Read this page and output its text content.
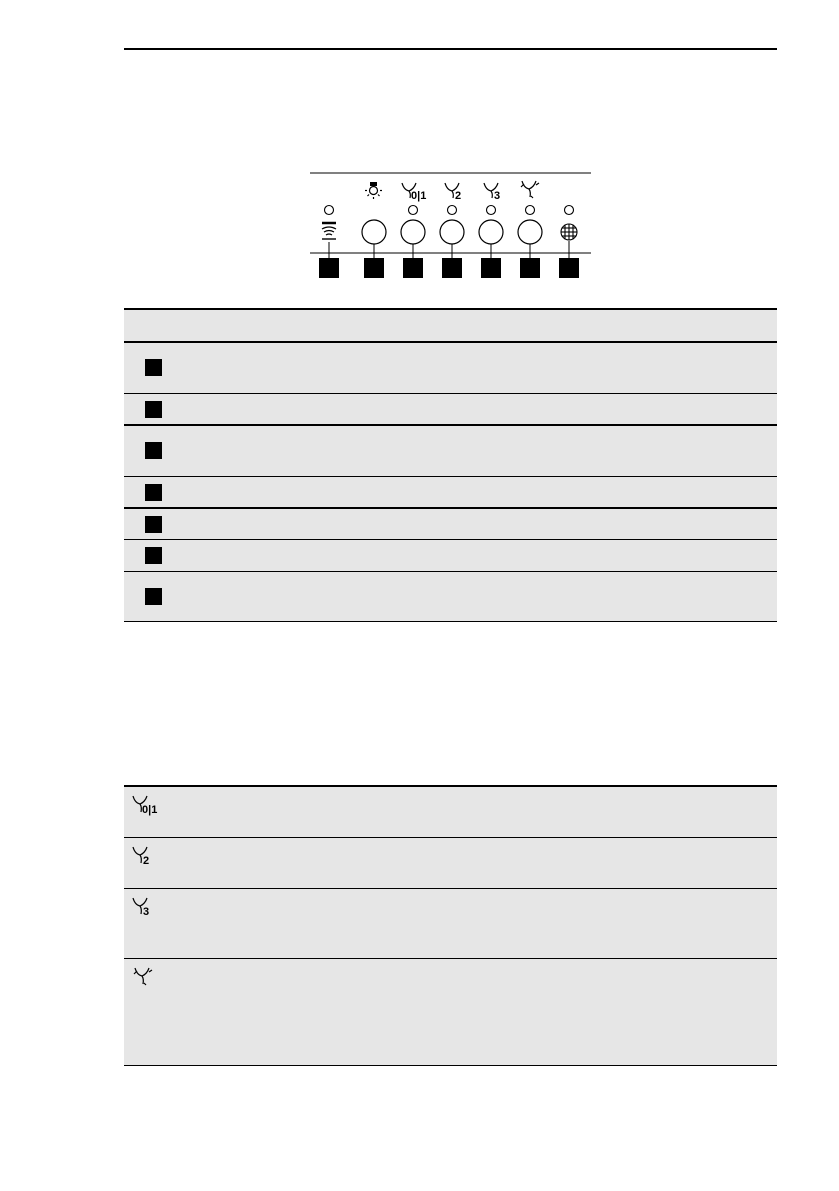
0|1	2	3
0|1
2
3
